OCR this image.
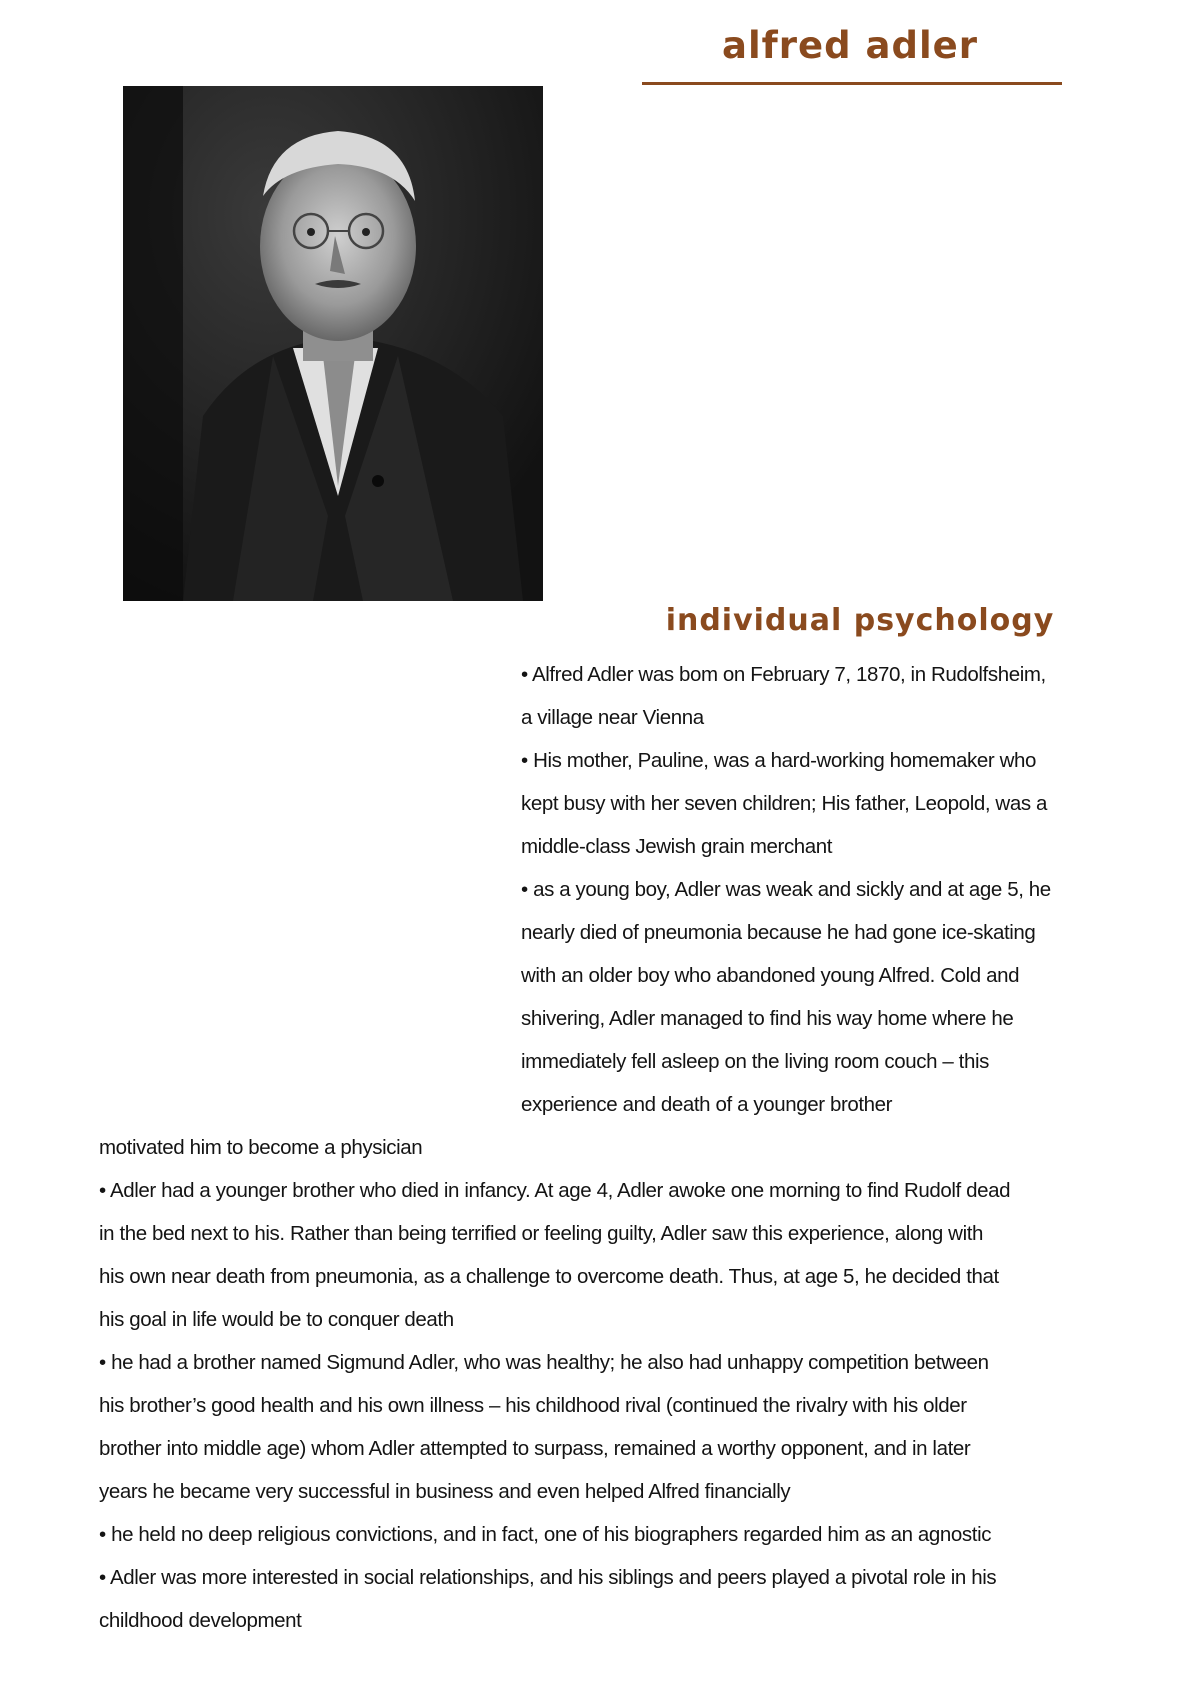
alfred adler
individual psychology
• Alfred Adler was bom on February 7, 1870, in Rudolfsheim,
a village near Vienna
• His mother, Pauline, was a hard-working homemaker who
kept busy with her seven children; His father, Leopold, was a
middle-class Jewish grain merchant
• as a young boy, Adler was weak and sickly and at age 5, he
nearly died of pneumonia because he had gone ice-skating
with an older boy who abandoned young Alfred. Cold and
shivering, Adler managed to find his way home where he
immediately fell asleep on the living room couch – this
experience and death of a younger brother
motivated him to become a physician
• Adler had a younger brother who died in infancy. At age 4, Adler awoke one morning to find Rudolf dead
in the bed next to his. Rather than being terrified or feeling guilty, Adler saw this experience, along with
his own near death from pneumonia, as a challenge to overcome death. Thus, at age 5, he decided that
his goal in life would be to conquer death
• he had a brother named Sigmund Adler, who was healthy; he also had unhappy competition between
his brother’s good health and his own illness – his childhood rival (continued the rivalry with his older
brother into middle age) whom Adler attempted to surpass, remained a worthy opponent, and in later
years he became very successful in business and even helped Alfred financially
• he held no deep religious convictions, and in fact, one of his biographers regarded him as an agnostic
• Adler was more interested in social relationships, and his siblings and peers played a pivotal role in his
childhood development
